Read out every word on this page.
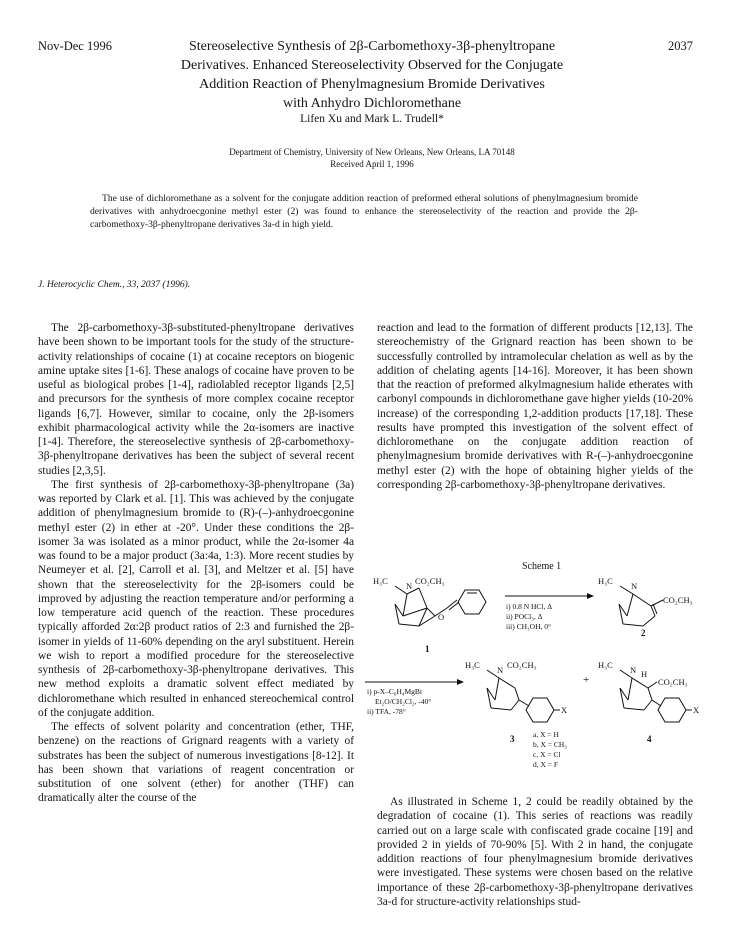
Nov-Dec 1996	2037
Stereoselective Synthesis of 2β-Carbomethoxy-3β-phenyltropane
Derivatives. Enhanced Stereoselectivity Observed for the Conjugate
Addition Reaction of Phenylmagnesium Bromide Derivatives
with Anhydro Dichloromethane
Lifen Xu and Mark L. Trudell*
Department of Chemistry, University of New Orleans, New Orleans, LA 70148
Received April 1, 1996
The use of dichloromethane as a solvent for the conjugate addition reaction of preformed etheral solutions of phenylmagnesium bromide derivatives with anhydroecgonine methyl ester (2) was found to enhance the stereoselectivity of the reaction and provide the 2β-carbomethoxy-3β-phenyltropane derivatives 3a-d in high yield.
J. Heterocyclic Chem., 33, 2037 (1996).

The 2β-carbomethoxy-3β-substituted-phenyltropane derivatives have been shown to be important tools for the study of the structure-activity relationships of cocaine (1) at cocaine receptors on biogenic amine uptake sites [1-6]. These analogs of cocaine have proven to be useful as biological probes [1-4], radiolabled receptor ligands [2,5] and precursors for the synthesis of more complex cocaine receptor ligands [6,7]. However, similar to cocaine, only the 2β-isomers exhibit pharmacological activity while the 2α-isomers are inactive [1-4]. Therefore, the stereoselective synthesis of 2β-carbomethoxy-3β-phenyltropane derivatives has been the subject of several recent studies [2,3,5].

The first synthesis of 2β-carbomethoxy-3β-phenyltropane (3a) was reported by Clark et al. [1]. This was achieved by the conjugate addition of phenylmagnesium bromide to (R)-(–)-anhydroecgonine methyl ester (2) in ether at -20°. Under these conditions the 2β-isomer 3a was isolated as a minor product, while the 2α-isomer 4a was found to be a major product (3a:4a, 1:3). More recent studies by Neumeyer et al. [2], Carroll et al. [3], and Meltzer et al. [5] have shown that the stereoselectivity for the 2β-isomers could be improved by adjusting the reaction temperature and/or performing a low temperature acid quench of the reaction. These procedures typically afforded 2α:2β product ratios of 2:3 and furnished the 2β-isomer in yields of 11-60% depending on the aryl substituent. Herein we wish to report a modified procedure for the stereoselective synthesis of 2β-carbomethoxy-3β-phenyltropane derivatives. This new method exploits a dramatic solvent effect mediated by dichloromethane which resulted in enhanced stereochemical control of the conjugate addition.

The effects of solvent polarity and concentration (ether, THF, benzene) on the reactions of Grignard reagents with a variety of substrates has been the subject of numerous investigations [8-12]. It has been shown that variations of reagent concentration or substitution of one solvent (ether) for another (THF) can dramatically alter the course of the

reaction and lead to the formation of different products [12,13]. The stereochemistry of the Grignard reaction has been shown to be successfully controlled by intramolecular chelation as well as by the addition of chelating agents [14-16]. Moreover, it has been shown that the reaction of preformed alkylmagnesium halide etherates with carbonyl compounds in dichloromethane gave higher yields (10-20% increase) of the corresponding 1,2-addition products [17,18]. These results have prompted this investigation of the solvent effect of dichloromethane on the conjugate addition reaction of phenylmagnesium bromide derivatives with R-(–)-anhydroecgonine methyl ester (2) with the hope of obtaining higher yields of the corresponding 2β-carbomethoxy-3β-phenyltropane derivatives.

Scheme 1
H₃C N CO₂CH₃
O
1
i) 0.8 N HCl, Δ
ii) POCl₃, Δ
iii) CH₃OH, 0°
H₃C N
CO₂CH₃
2
i) p-X–C₆H₄MgBr
Et₂O/CH₂Cl₂, -40°
ii) TFA, -78°
H₃C N CO₂CH₃
X
3
+
H₃C N H
CO₂CH₃
X
4
a, X = H
b, X = CH₃
c, X = Cl
d, X = F

As illustrated in Scheme 1, 2 could be readily obtained by the degradation of cocaine (1). This series of reactions was readily carried out on a large scale with confiscated grade cocaine [19] and provided 2 in yields of 70-90% [5]. With 2 in hand, the conjugate addition reactions of four phenylmagnesium bromide derivatives were investigated. These systems were chosen based on the relative importance of these 2β-carbomethoxy-3β-phenyltropane derivatives 3a-d for structure-activity relationships stud-
